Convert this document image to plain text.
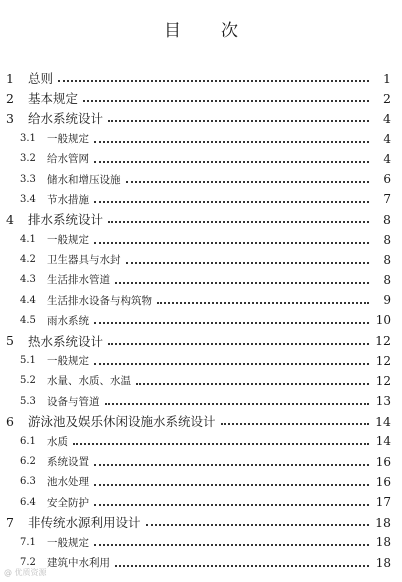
目 次
1	总则	1
2	基本规定	2
3	给水系统设计	4
3.1	一般规定	4
3.2	给水管网	4
3.3	储水和增压设施	6
3.4	节水措施	7
4	排水系统设计	8
4.1	一般规定	8
4.2	卫生器具与水封	8
4.3	生活排水管道	8
4.4	生活排水设备与构筑物	9
4.5	雨水系统	10
5	热水系统设计	12
5.1	一般规定	12
5.2	水量、水质、水温	12
5.3	设备与管道	13
6	游泳池及娱乐休闲设施水系统设计	14
6.1	水质	14
6.2	系统设置	16
6.3	池水处理	16
6.4	安全防护	17
7	非传统水源利用设计	18
7.1	一般规定	18
7.2	建筑中水利用	18
@ 优质资源
